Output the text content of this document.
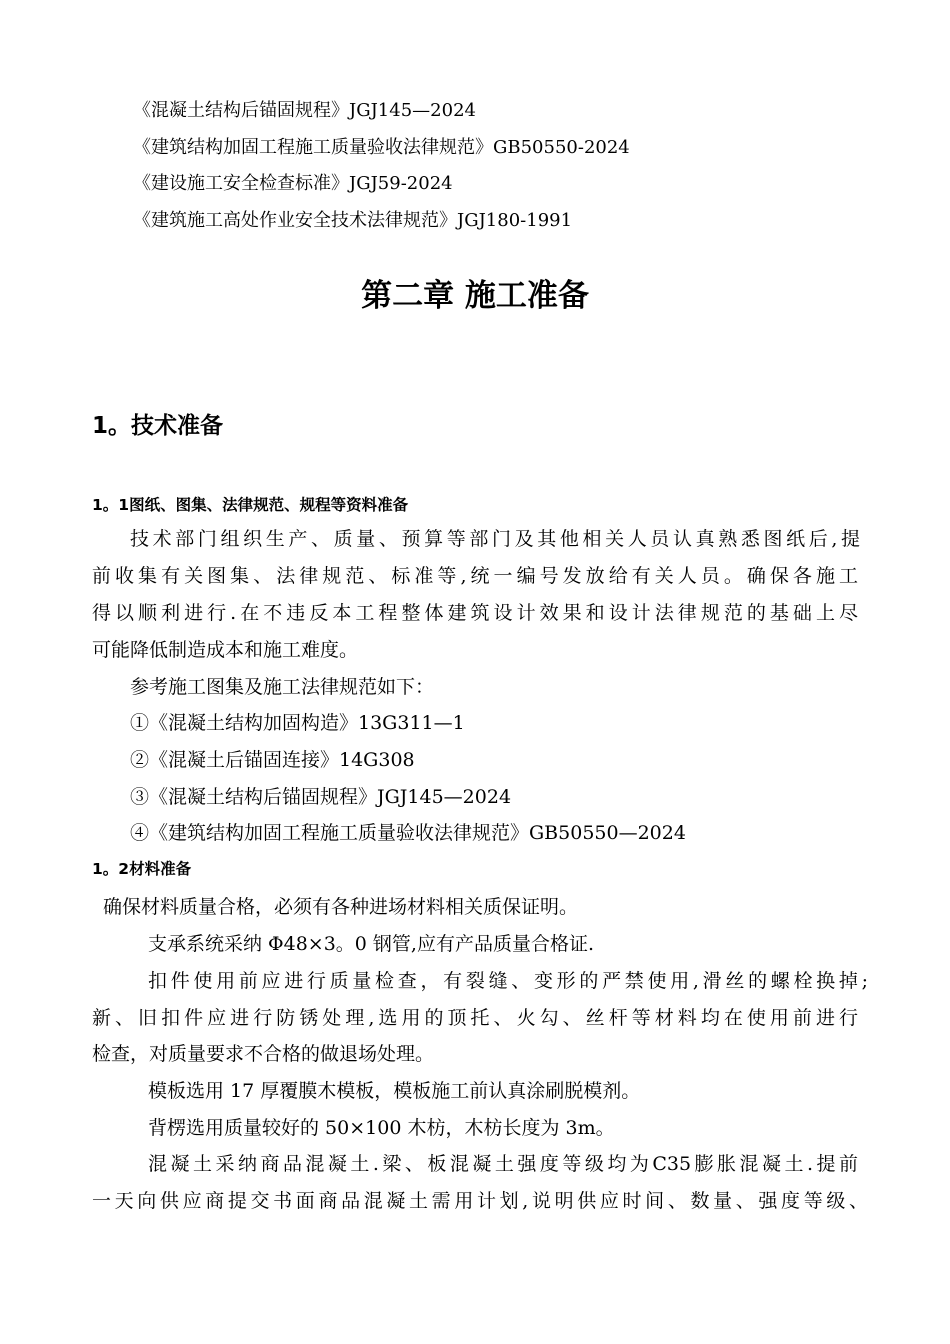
《混凝土结构后锚固规程》JGJ145—2024
《建筑结构加固工程施工质量验收法律规范》GB50550-2024
《建设施工安全检查标准》JGJ59-2024
《建筑施工高处作业安全技术法律规范》JGJ180-1991
第二章 施工准备
1。技术准备
1。1图纸、图集、法律规范、规程等资料准备
技术部门组织生产、质量、预算等部门及其他相关人员认真熟悉图纸后,提
前收集有关图集、法律规范、标准等,统一编号发放给有关人员。确保各施工
得以顺利进行.在不违反本工程整体建筑设计效果和设计法律规范的基础上尽
可能降低制造成本和施工难度。
参考施工图集及施工法律规范如下：
①《混凝土结构加固构造》13G311—1
②《混凝土后锚固连接》14G308
③《混凝土结构后锚固规程》JGJ145—2024
④《建筑结构加固工程施工质量验收法律规范》GB50550—2024
1。2材料准备
确保材料质量合格，必须有各种进场材料相关质保证明。
支承系统采纳 Φ48×3。0 钢管,应有产品质量合格证.
扣件使用前应进行质量检查，有裂缝、变形的严禁使用,滑丝的螺栓换掉;
新、旧扣件应进行防锈处理,选用的顶托、火勾、丝杆等材料均在使用前进行
检查，对质量要求不合格的做退场处理。
模板选用 17 厚覆膜木模板，模板施工前认真涂刷脱模剂。
背楞选用质量较好的 50×100 木枋，木枋长度为 3m。
混凝土采纳商品混凝土.梁、板混凝土强度等级均为C35膨胀混凝土.提前
一天向供应商提交书面商品混凝土需用计划,说明供应时间、数量、强度等级、
